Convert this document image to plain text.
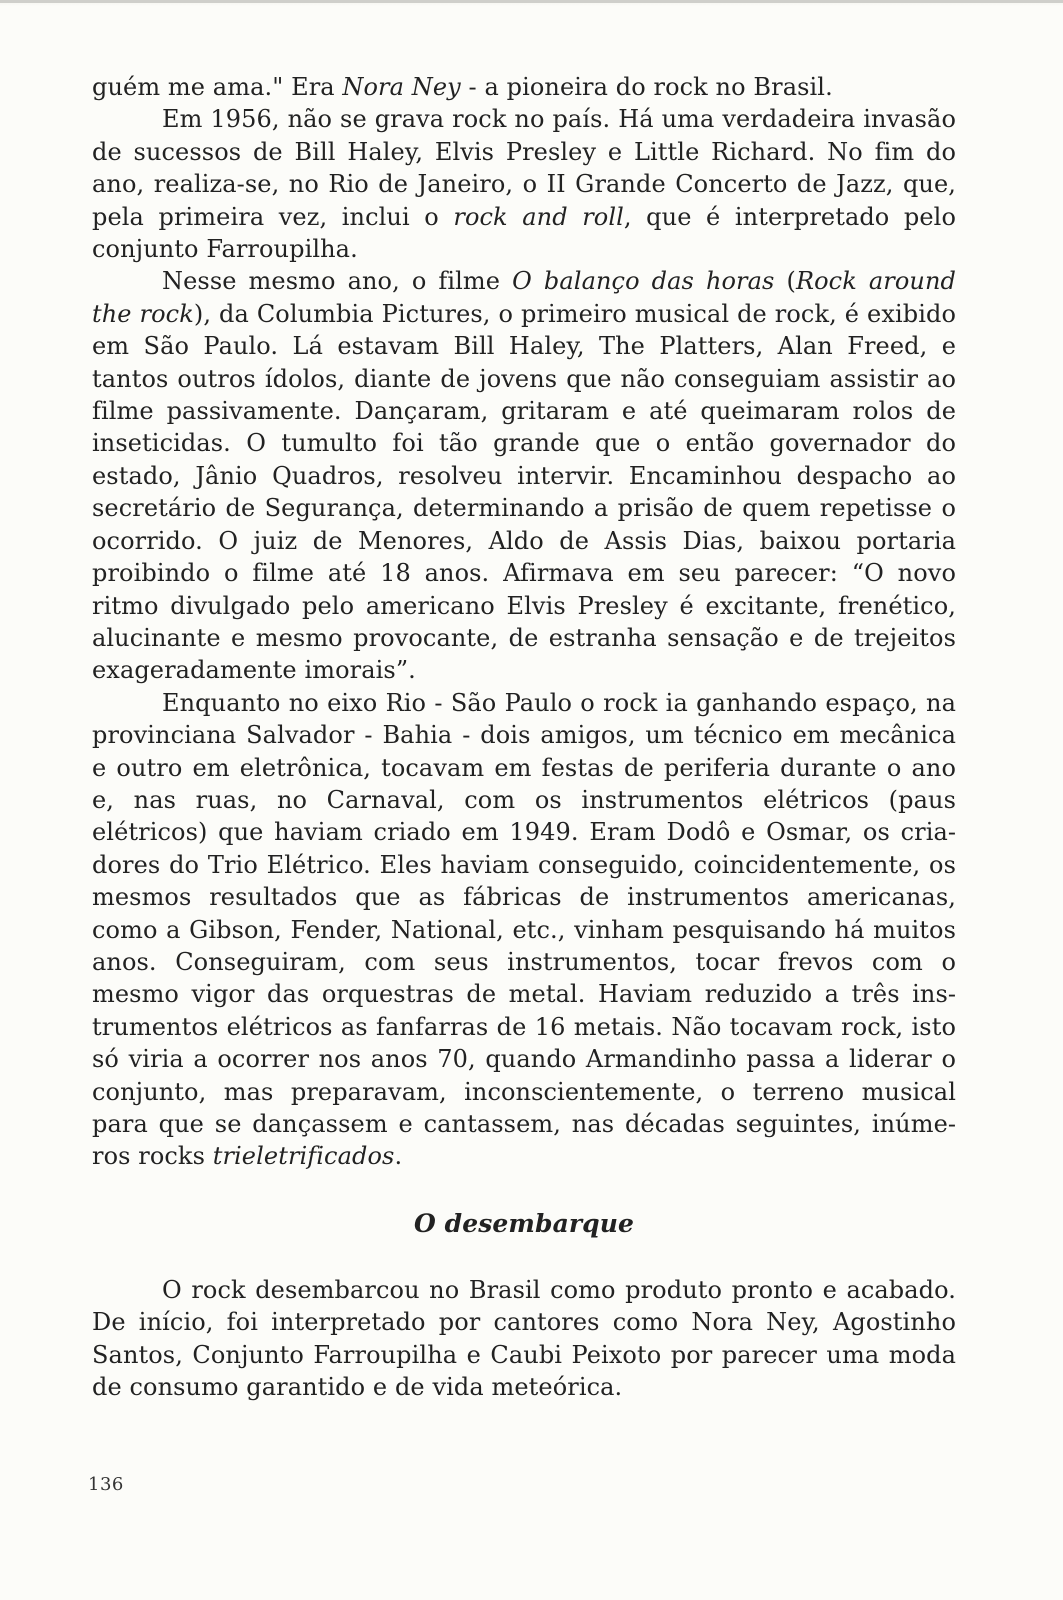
guém me ama." Era Nora Ney - a pioneira do rock no Brasil.

Em 1956, não se grava rock no país. Há uma verdadeira invasão de sucessos de Bill Haley, Elvis Presley e Little Richard. No fim do ano, realiza-se, no Rio de Janeiro, o II Grande Concerto de Jazz, que, pela primeira vez, inclui o rock and roll, que é interpretado pelo conjunto Farroupilha.

Nesse mesmo ano, o filme O balanço das horas (Rock around the rock), da Columbia Pictures, o primeiro musical de rock, é exibido em São Paulo. Lá estavam Bill Haley, The Platters, Alan Freed, e tantos outros ídolos, diante de jovens que não conseguiam assistir ao filme passivamente. Dançaram, gritaram e até queimaram rolos de inseticidas. O tumulto foi tão grande que o então governador do estado, Jânio Quadros, resolveu intervir. Encaminhou despacho ao secretário de Segurança, determinando a prisão de quem repetisse o ocorrido. O juiz de Menores, Aldo de Assis Dias, baixou portaria proibindo o filme até 18 anos. Afirmava em seu parecer: “O novo ritmo divulgado pelo americano Elvis Presley é excitante, frenético, alucinante e mesmo provocante, de estranha sensação e de trejeitos exageradamente imorais”.

Enquanto no eixo Rio - São Paulo o rock ia ganhando espaço, na provinciana Salvador - Bahia - dois amigos, um técnico em mecânica e outro em eletrônica, tocavam em festas de periferia durante o ano e, nas ruas, no Carnaval, com os instrumentos elétricos (paus elétricos) que haviam criado em 1949. Eram Dodô e Osmar, os criadores do Trio Elétrico. Eles haviam conseguido, coincidentemente, os mesmos resultados que as fábricas de instrumentos americanas, como a Gibson, Fender, National, etc., vinham pesquisando há muitos anos. Conseguiram, com seus instrumentos, tocar frevos com o mesmo vigor das orquestras de metal. Haviam reduzido a três instrumentos elétricos as fanfarras de 16 metais. Não tocavam rock, isto só viria a ocorrer nos anos 70, quando Armandinho passa a liderar o conjunto, mas preparavam, inconscientemente, o terreno musical para que se dançassem e cantassem, nas décadas seguintes, inúmeros rocks trieletrificados.

O desembarque

O rock desembarcou no Brasil como produto pronto e acabado. De início, foi interpretado por cantores como Nora Ney, Agostinho Santos, Conjunto Farroupilha e Caubi Peixoto por parecer uma moda de consumo garantido e de vida meteórica.

136
